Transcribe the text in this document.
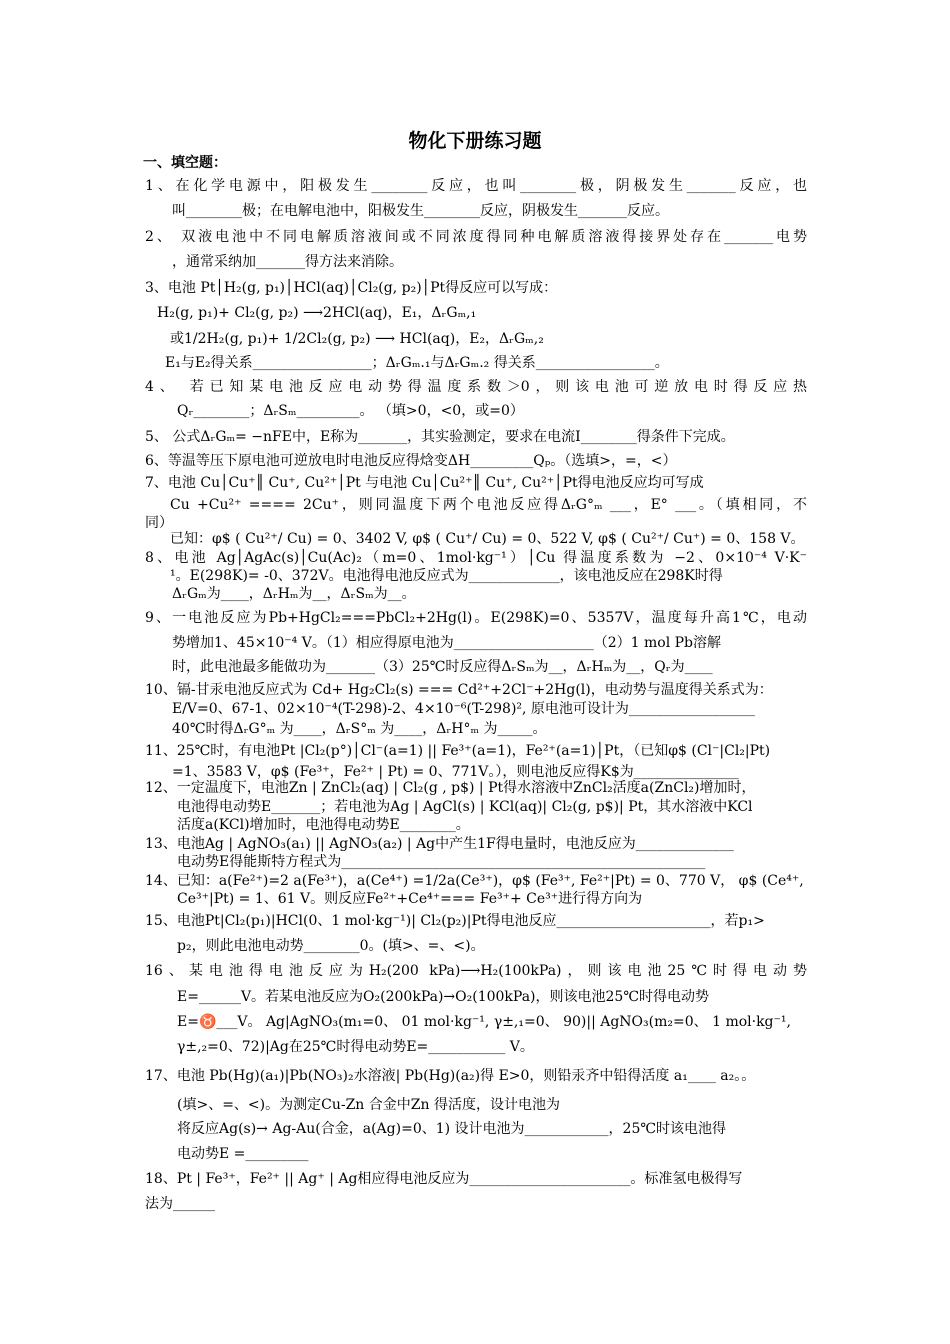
物化下册练习题
一、填空题：
1、在化学电源中，阳极发生________反应，也叫________极，阴极发生_______反应，也
叫________极；在电解电池中，阳极发生________反应，阴极发生_______反应。
2、 双液电池中不同电解质溶液间或不同浓度得同种电解质溶液得接界处存在_______电势
，通常采纳加_______得方法来消除。
3、电池 Pt│H₂(g, p₁)│HCl(aq)│Cl₂(g, p₂)│Pt得反应可以写成：
H₂(g, p₁)+ Cl₂(g, p₂) ⟶2HCl(aq)，E₁，ΔᵣGₘ,₁
或1/2H₂(g, p₁)+ 1/2Cl₂(g, p₂) ⟶ HCl(aq)，E₂，ΔᵣGₘ,₂
E₁与E₂得关系_________________；ΔᵣGₘ.₁与ΔᵣGₘ.₂ 得关系_________________。
4、 若已知某电池反应电动势得温度系数＞0，则该电池可逆放电时得反应热
Qᵣ________；ΔᵣSₘ_________。 （填>0，<0，或=0）
5、 公式ΔᵣGₘ= −nFE中，E称为_______，其实验测定，要求在电流I________得条件下完成。
6、等温等压下原电池可逆放电时电池反应得焓变ΔH_________Qₚ。（选填>，=，<）
7、电池 Cu│Cu⁺║ Cu⁺, Cu²⁺│Pt 与电池 Cu│Cu²⁺║ Cu⁺, Cu²⁺│Pt得电池反应均可写成
Cu +Cu²⁺ ==== 2Cu⁺，则同温度下两个电池反应得ΔᵣG°ₘ ___，E° ___。（填相同，不
同）
已知：φ$ ( Cu²⁺/ Cu) = 0、3402 V, φ$ ( Cu⁺/ Cu) = 0、522 V, φ$ ( Cu²⁺/ Cu⁺) = 0、158 V。
8、电池 Ag│AgAc(s)│Cu(Ac)₂（m=0、1mol·kg⁻¹）│Cu 得温度系数为 −2、0×10⁻⁴ V·K⁻
¹。E(298K)= -0、372V。电池得电池反应式为_____________，该电池反应在298K时得
ΔᵣGₘ为____，ΔᵣHₘ为__，ΔᵣSₘ为__。
9、一电池反应为Pb+HgCl₂===PbCl₂+2Hg(l)。E(298K)=0、5357V，温度每升高1℃，电动
势增加1、45×10⁻⁴ V。（1）相应得原电池为____________________（2）1 mol Pb溶解
时，此电池最多能做功为_______（3）25℃时反应得ΔᵣSₘ为__，ΔᵣHₘ为__，Qᵣ为____
10、镉-甘汞电池反应式为 Cd+ Hg₂Cl₂(s) === Cd²⁺+2Cl⁻+2Hg(l)，电动势与温度得关系式为：
E/V=0、67-1、02×10⁻⁴(T-298)-2、4×10⁻⁶(T-298)², 原电池可设计为__________________
40℃时得ΔᵣG°ₘ 为____，ΔᵣS°ₘ 为____，ΔᵣH°ₘ 为_____。
11、25℃时，有电池Pt |Cl₂(p°)│Cl⁻(a=1) || Fe³⁺(a=1)，Fe²⁺(a=1)│Pt，（已知φ$ (Cl⁻|Cl₂|Pt)
=1、3583 V，φ$ (Fe³⁺，Fe²⁺ | Pt) = 0、771V。），则电池反应得K$为_______________
12、一定温度下，电池Zn | ZnCl₂(aq) | Cl₂(g , p$) | Pt得水溶液中ZnCl₂活度a(ZnCl₂)增加时，
电池得电动势E_______；若电池为Ag | AgCl(s) | KCl(aq)| Cl₂(g, p$)| Pt，其水溶液中KCl
活度a(KCl)增加时，电池得电动势E________。
13、电池Ag | AgNO₃(a₁) || AgNO₃(a₂) | Ag中产生1F得电量时，电池反应为______________
电动势E得能斯特方程式为____________________________________________________
14、已知：a(Fe²⁺)=2 a(Fe³⁺)，a(Ce⁴⁺) =1/2a(Ce³⁺)，φ$ (Fe³⁺, Fe²⁺|Pt) = 0、770 V， φ$ (Ce⁴⁺,
Ce³⁺|Pt) = 1、61 V。则反应Fe²⁺+Ce⁴⁺=== Fe³⁺+ Ce³⁺进行得方向为
15、电池Pt|Cl₂(p₁)|HCl(0、1 mol·kg⁻¹)| Cl₂(p₂)|Pt得电池反应______________________，若p₁>
p₂，则此电池电动势________0。(填>、=、<)。
16、某电池得电池反应为H₂(200 kPa)⟶H₂(100kPa)，则该电池25℃时得电动势
E=______V。若某电池反应为O₂(200kPa)→O₂(100kPa)，则该电池25℃时得电动势
E=♉___V。 Ag|AgNO₃(m₁=0、 01 mol·kg⁻¹, γ±,₁=0、 90)|| AgNO₃(m₂=0、 1 mol·kg⁻¹,
γ±,₂=0、72)|Ag在25℃时得电动势E=___________ V。
17、电池 Pb(Hg)(a₁)|Pb(NO₃)₂水溶液| Pb(Hg)(a₂)得 E>0，则铅汞齐中铅得活度 a₁____ a₂。。
(填>、=、<)。为测定Cu-Zn 合金中Zn 得活度，设计电池为
将反应Ag(s)→ Ag-Au(合金，a(Ag)=0、1) 设计电池为____________，25℃时该电池得
电动势E =_________
18、Pt | Fe³⁺，Fe²⁺ || Ag⁺ | Ag相应得电池反应为_______________________。标准氢电极得写
法为______
